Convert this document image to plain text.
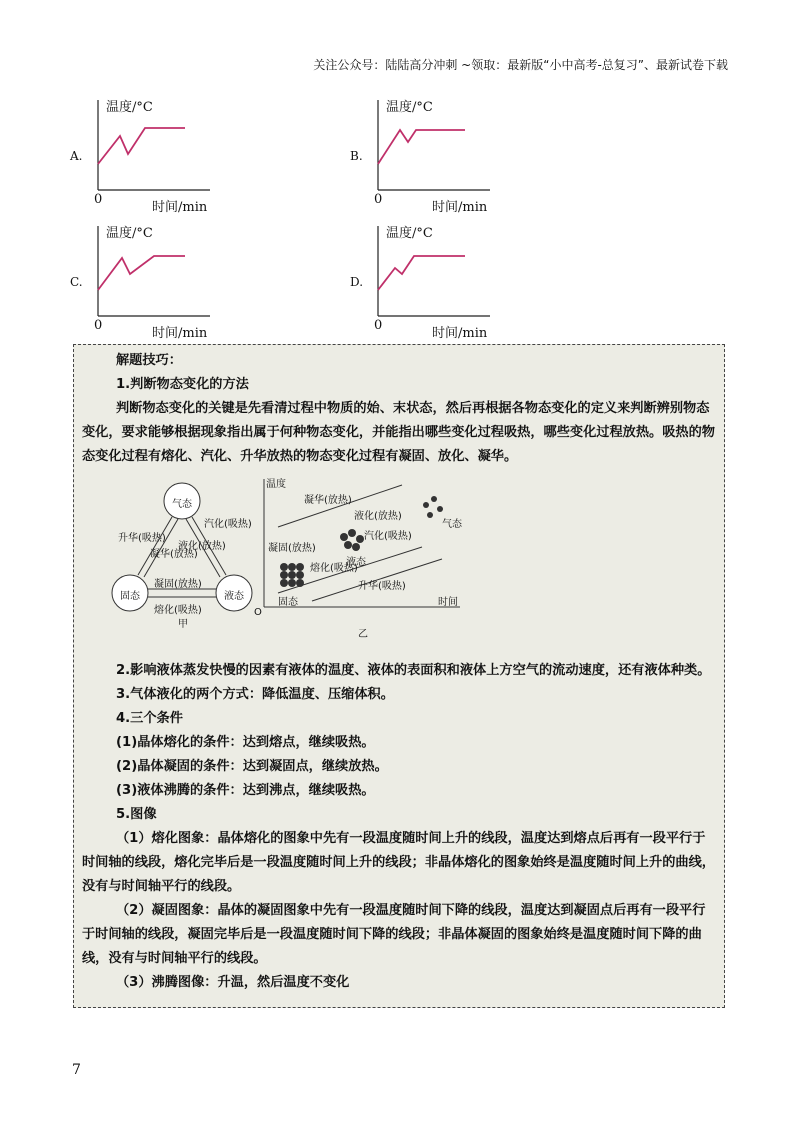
关注公众号：陆陆高分冲刺 ~领取：最新版“小中高考-总复习”、最新试卷下载
A.
温度/°C
0
时间/min
B.
温度/°C
0
时间/min
C.
温度/°C
0
时间/min
D.
温度/°C
0
时间/min

解题技巧：

1.判断物态变化的方法

判断物态变化的关键是先看清过程中物质的始、末状态，然后再根据各物态变化的定义来判断辨别物态变化，要求能够根据现象指出属于何种物态变化，并能指出哪些变化过程吸热，哪些变化过程放热。吸热的物态变化过程有熔化、汽化、升华放热的物态变化过程有凝固、放化、凝华。

气态
固态	液态
升华(吸热)
凝华(放热)
液化(放热)
汽化(吸热)
凝固(放热)
熔化(吸热)
甲
温度
时间
O
乙
凝华(放热)
液化(放热)
汽化(吸热)
凝固(放热)
熔化(吸热)
升华(吸热)
气态
液态
固态

2.影响液体蒸发快慢的因素有液体的温度、液体的表面积和液体上方空气的流动速度，还有液体种类。

3.气体液化的两个方式：降低温度、压缩体积。

4.三个条件

(1)晶体熔化的条件：达到熔点，继续吸热。

(2)晶体凝固的条件：达到凝固点，继续放热。

(3)液体沸腾的条件：达到沸点，继续吸热。

5.图像

（1）熔化图象：晶体熔化的图象中先有一段温度随时间上升的线段，温度达到熔点后再有一段平行于时间轴的线段，熔化完毕后是一段温度随时间上升的线段；非晶体熔化的图象始终是温度随时间上升的曲线，没有与时间轴平行的线段。

（2）凝固图象：晶体的凝固图象中先有一段温度随时间下降的线段，温度达到凝固点后再有一段平行于时间轴的线段，凝固完毕后是一段温度随时间下降的线段；非晶体凝固的图象始终是温度随时间下降的曲线，没有与时间轴平行的线段。

（3）沸腾图像：升温，然后温度不变化

7
